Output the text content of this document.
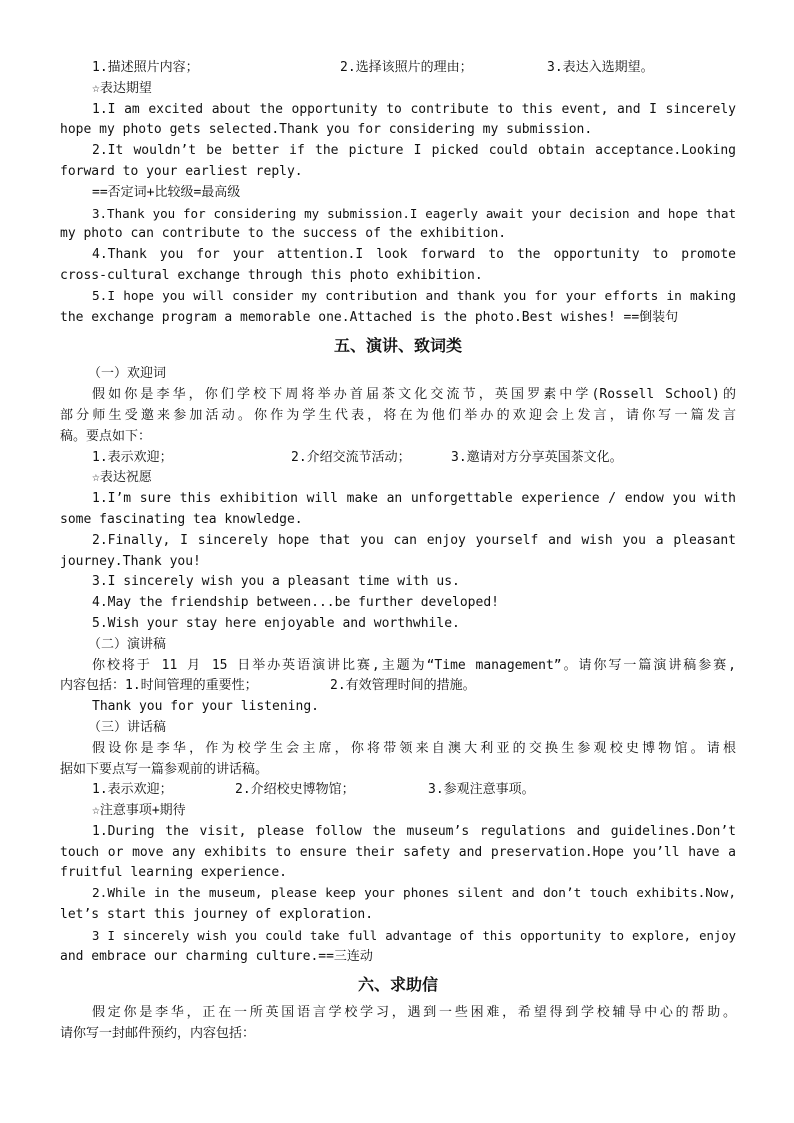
1.描述照片内容；	2.选择该照片的理由；	3.表达入选期望。

☆表达期望

1.I am excited about the opportunity to contribute to this event, and I sincerely

hope my photo gets selected.Thank you for considering my submission.

2.It wouldn’t be better if the picture I picked could obtain acceptance.Looking

forward to your earliest reply.

==否定词+比较级=最高级

3.Thank you for considering my submission.I eagerly await your decision and hope that

my photo can contribute to the success of the exhibition.

4.Thank you for your attention.I look forward to the opportunity to promote

cross-cultural exchange through this photo exhibition.

5.I hope you will consider my contribution and thank you for your efforts in making

the exchange program a memorable one.Attached is the photo.Best wishes! ==倒装句

五、演讲、致词类

（一）欢迎词

假如你是李华，你们学校下周将举办首届茶文化交流节，英国罗素中学(Rossell School)的

部分师生受邀来参加活动。你作为学生代表，将在为他们举办的欢迎会上发言，请你写一篇发言

稿。要点如下：

1.表示欢迎；	2.介绍交流节活动；	3.邀请对方分享英国茶文化。

☆表达祝愿

1.I’m sure this exhibition will make an unforgettable experience / endow you with

some fascinating tea knowledge.

2.Finally, I sincerely hope that you can enjoy yourself and wish you a pleasant

journey.Thank you!

3.I sincerely wish you a pleasant time with us.

4.May the friendship between...be further developed!

5.Wish your stay here enjoyable and worthwhile.

（二）演讲稿

你校将于 11 月 15 日举办英语演讲比赛,主题为“Time management”。请你写一篇演讲稿参赛,

内容包括：1.时间管理的重要性；	2.有效管理时间的措施。

Thank you for your listening.

（三）讲话稿

假设你是李华，作为校学生会主席，你将带领来自澳大利亚的交换生参观校史博物馆。请根

据如下要点写一篇参观前的讲话稿。

1.表示欢迎；	2.介绍校史博物馆；	3.参观注意事项。

☆注意事项+期待

1.During the visit, please follow the museum’s regulations and guidelines.Don’t

touch or move any exhibits to ensure their safety and preservation.Hope you’ll have a

fruitful learning experience.

2.While in the museum, please keep your phones silent and don’t touch exhibits.Now,

let’s start this journey of exploration.

3 I sincerely wish you could take full advantage of this opportunity to explore, enjoy

and embrace our charming culture.==三连动

六、求助信

假定你是李华，正在一所英国语言学校学习，遇到一些困难，希望得到学校辅导中心的帮助。

请你写一封邮件预约，内容包括：
